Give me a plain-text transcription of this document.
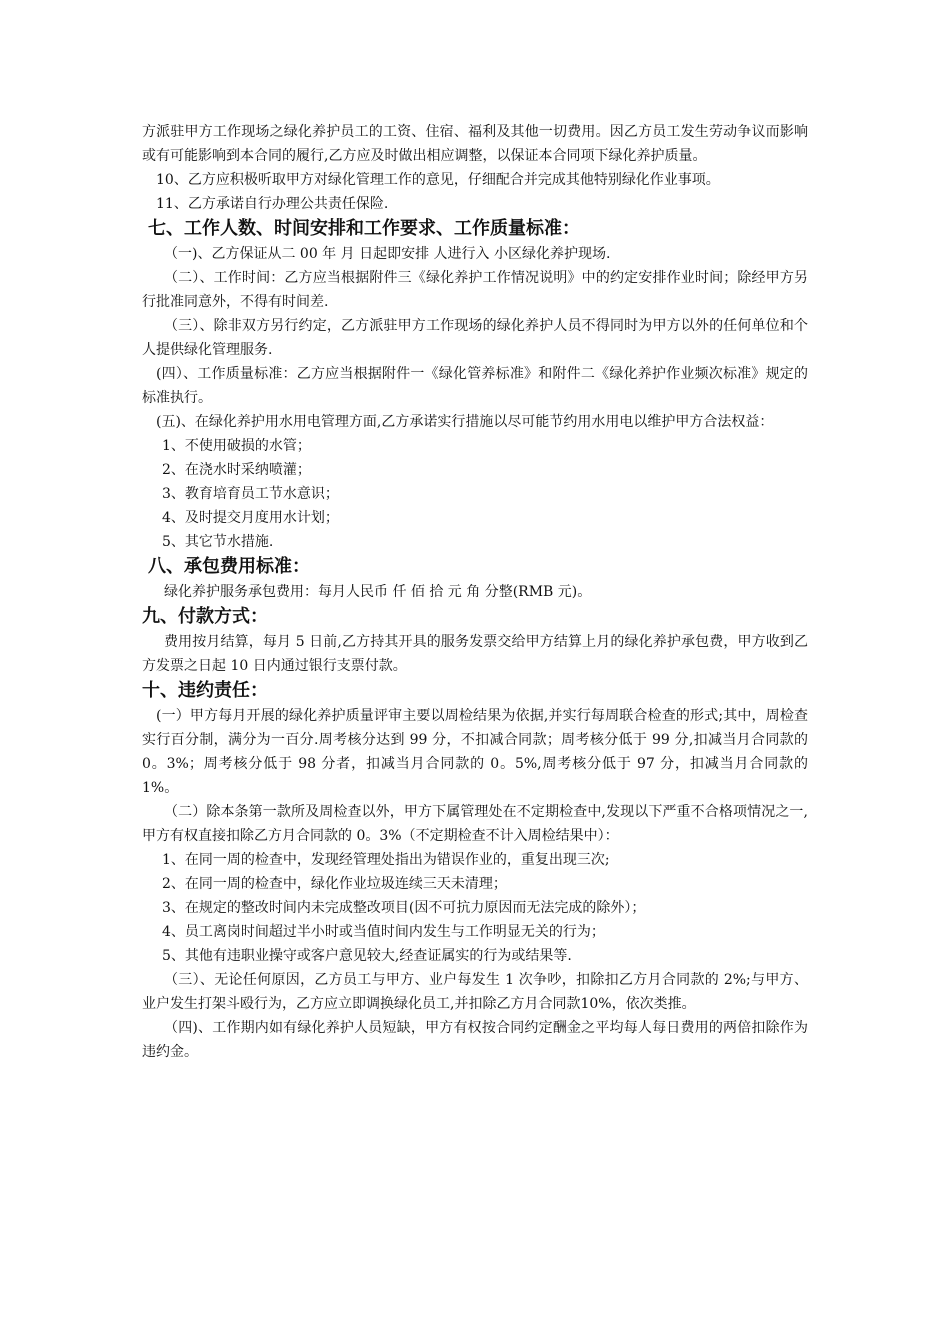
方派驻甲方工作现场之绿化养护员工的工资、住宿、福利及其他一切费用。因乙方员工发生劳动争议而影响或有可能影响到本合同的履行,乙方应及时做出相应调整，以保证本合同项下绿化养护质量。

10、乙方应积极听取甲方对绿化管理工作的意见，仔细配合并完成其他特别绿化作业事项。

11、乙方承诺自行办理公共责任保险.

七、工作人数、时间安排和工作要求、工作质量标准：

（一)、乙方保证从二 00 年 月 日起即安排 人进行入 小区绿化养护现场.

（二）、工作时间：乙方应当根据附件三《绿化养护工作情况说明》中的约定安排作业时间；除经甲方另行批准同意外，不得有时间差.

（三）、除非双方另行约定，乙方派驻甲方工作现场的绿化养护人员不得同时为甲方以外的任何单位和个人提供绿化管理服务.

(四）、工作质量标准：乙方应当根据附件一《绿化管养标准》和附件二《绿化养护作业频次标准》规定的标准执行。

(五)、在绿化养护用水用电管理方面,乙方承诺实行措施以尽可能节约用水用电以维护甲方合法权益：

1、不使用破损的水管；

2、在浇水时采纳喷灌；

3、教育培育员工节水意识；

4、及时提交月度用水计划；

5、其它节水措施.

八、承包费用标准：

绿化养护服务承包费用：每月人民币 仟 佰 拾 元 角 分整(RMB 元)。

九、付款方式：

费用按月结算，每月 5 日前,乙方持其开具的服务发票交给甲方结算上月的绿化养护承包费，甲方收到乙方发票之日起 10 日内通过银行支票付款。

十、违约责任：

(一）甲方每月开展的绿化养护质量评审主要以周检结果为依据,并实行每周联合检查的形式;其中，周检查实行百分制，满分为一百分.周考核分达到 99 分，不扣减合同款；周考核分低于 99 分,扣减当月合同款的 0。3%；周考核分低于 98 分者，扣减当月合同款的 0。5%,周考核分低于 97 分，扣减当月合同款的 1%。

（二）除本条第一款所及周检查以外，甲方下属管理处在不定期检查中,发现以下严重不合格项情况之一,甲方有权直接扣除乙方月合同款的 0。3%（不定期检查不计入周检结果中）：

1、在同一周的检查中，发现经管理处指出为错误作业的，重复出现三次;

2、在同一周的检查中，绿化作业垃圾连续三天未清理；

3、在规定的整改时间内未完成整改项目(因不可抗力原因而无法完成的除外）；

4、员工离岗时间超过半小时或当值时间内发生与工作明显无关的行为；

5、其他有违职业操守或客户意见较大,经查证属实的行为或结果等.

（三）、无论任何原因，乙方员工与甲方、业户每发生 1 次争吵，扣除扣乙方月合同款的 2%;与甲方、业户发生打架斗殴行为，乙方应立即调换绿化员工,并扣除乙方月合同款10%，依次类推。

（四)、工作期内如有绿化养护人员短缺，甲方有权按合同约定酬金之平均每人每日费用的两倍扣除作为违约金。
